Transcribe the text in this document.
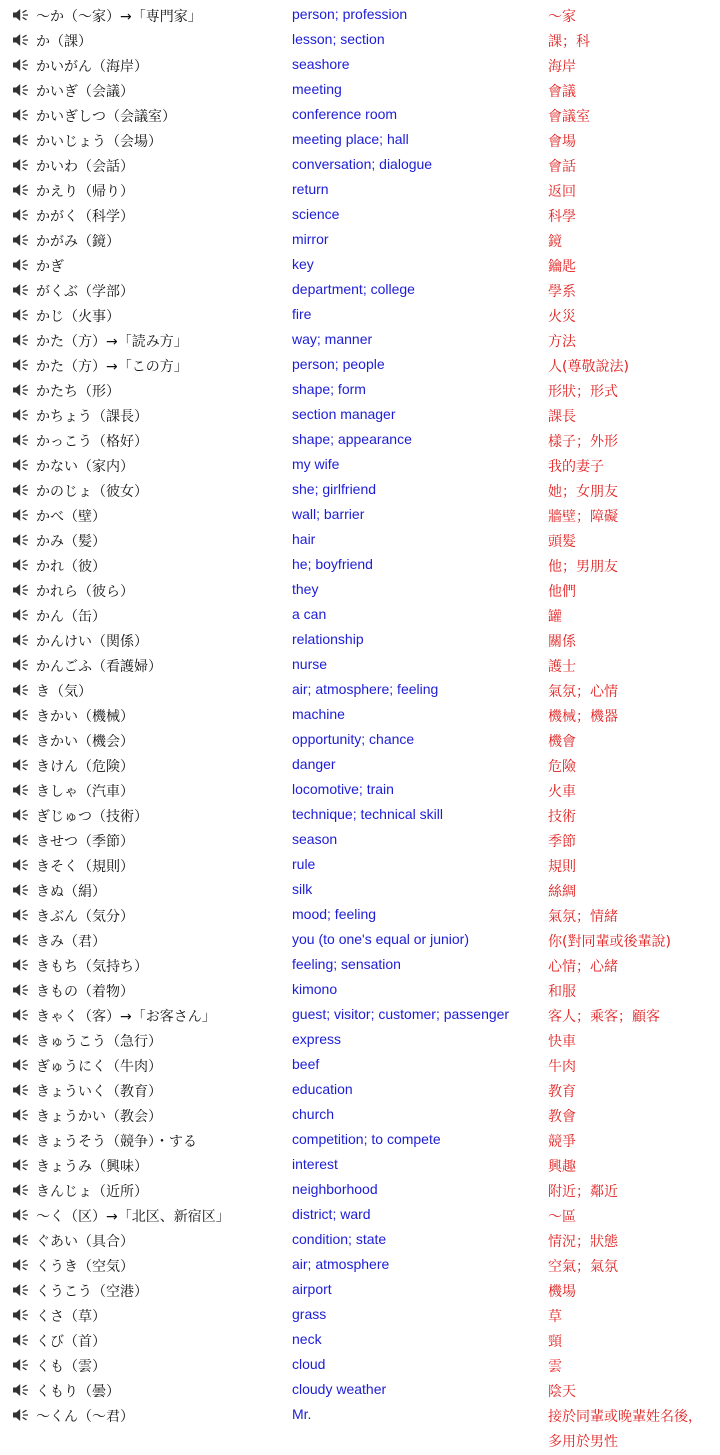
〜か（〜家）→「専門家」	person; profession	～家
か（課）	lesson; section	課；科
かいがん（海岸）	seashore	海岸
かいぎ（会議）	meeting	會議
かいぎしつ（会議室）	conference room	會議室
かいじょう（会場）	meeting place; hall	會場
かいわ（会話）	conversation; dialogue	會話
かえり（帰り）	return	返回
かがく（科学）	science	科學
かがみ（鏡）	mirror	鏡
かぎ	key	鑰匙
がくぶ（学部）	department; college	學系
かじ（火事）	fire	火災
かた（方）→「読み方」	way; manner	方法
かた（方）→「この方」	person; people	人(尊敬說法)
かたち（形）	shape; form	形狀；形式
かちょう（課長）	section manager	課長
かっこう（格好）	shape; appearance	樣子；外形
かない（家内）	my wife	我的妻子
かのじょ（彼女）	she; girlfriend	她；女朋友
かべ（壁）	wall; barrier	牆壁；障礙
かみ（髪）	hair	頭髮
かれ（彼）	he; boyfriend	他；男朋友
かれら（彼ら）	they	他們
かん（缶）	a can	罐
かんけい（関係）	relationship	關係
かんごふ（看護婦）	nurse	護士
き（気）	air; atmosphere; feeling	氣氛；心情
きかい（機械）	machine	機械；機器
きかい（機会）	opportunity; chance	機會
きけん（危険）	danger	危險
きしゃ（汽車）	locomotive; train	火車
ぎじゅつ（技術）	technique; technical skill	技術
きせつ（季節）	season	季節
きそく（規則）	rule	規則
きぬ（絹）	silk	絲綢
きぶん（気分）	mood; feeling	氣氛；情緒
きみ（君）	you (to one's equal or junior)	你(對同輩或後輩說)
きもち（気持ち）	feeling; sensation	心情；心緒
きもの（着物）	kimono	和服
きゃく（客）→「お客さん」	guest; visitor; customer; passenger	客人；乘客；顧客
きゅうこう（急行）	express	快車
ぎゅうにく（牛肉）	beef	牛肉
きょういく（教育）	education	教育
きょうかい（教会）	church	教會
きょうそう（競争）・する	competition; to compete	競爭
きょうみ（興味）	interest	興趣
きんじょ（近所）	neighborhood	附近；鄰近
〜く（区）→「北区、新宿区」	district; ward	～區
ぐあい（具合）	condition; state	情況；狀態
くうき（空気）	air; atmosphere	空氣；氣氛
くうこう（空港）	airport	機場
くさ（草）	grass	草
くび（首）	neck	頸
くも（雲）	cloud	雲
くもり（曇）	cloudy weather	陰天
〜くん（〜君）	Mr.	接於同輩或晚輩姓名後，
多用於男性
